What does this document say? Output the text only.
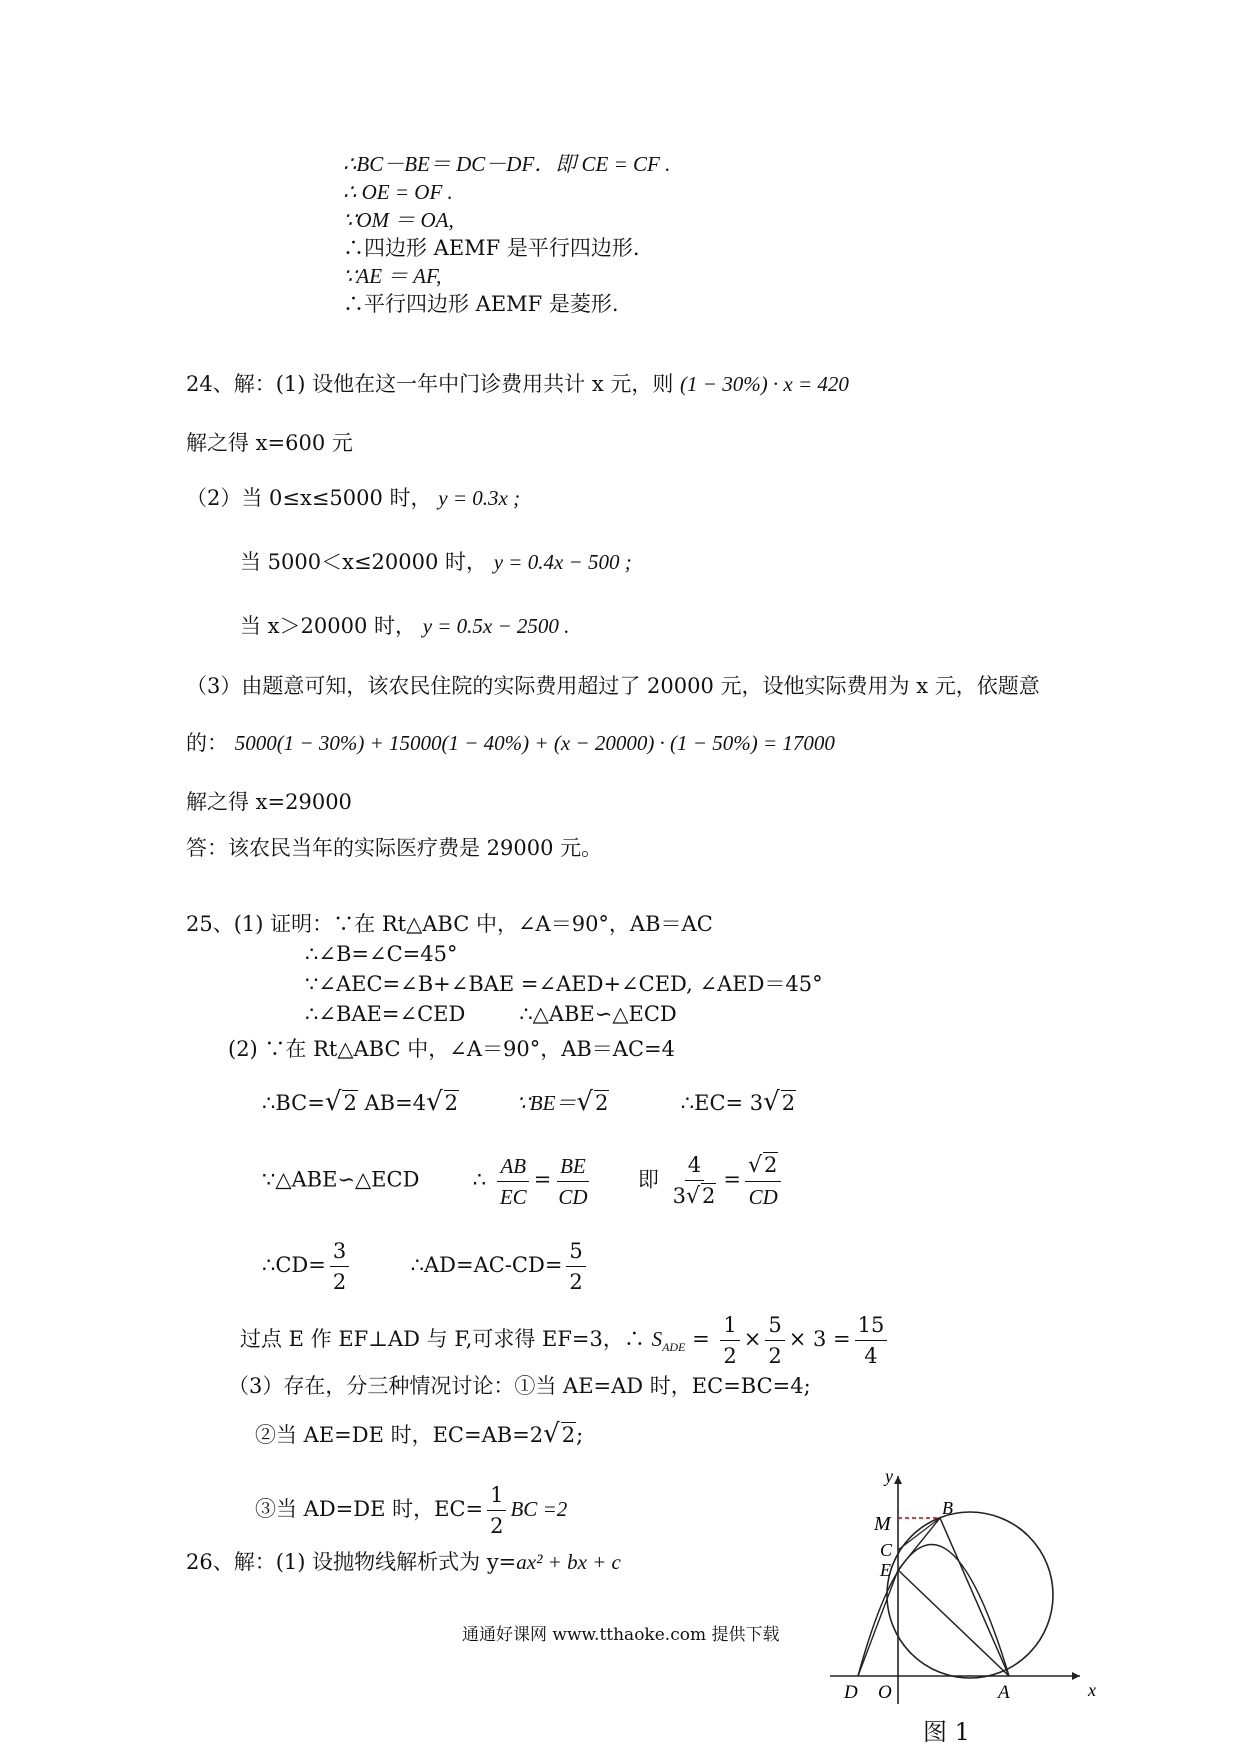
∴BC－BE＝ DC－DF．即 CE = CF .
∴ OE = OF .
∵OM ＝ OA,
∴四边形 AEMF 是平行四边形.
∵AE ＝ AF,
∴平行四边形 AEMF 是菱形.
24、解：(1) 设他在这一年中门诊费用共计 x 元，则 (1 − 30%) · x = 420
解之得 x=600 元
（2）当 0≤x≤5000 时， y = 0.3x ;
当 5000＜x≤20000 时， y = 0.4x − 500 ;
当 x＞20000 时， y = 0.5x − 2500 .
（3）由题意可知，该农民住院的实际费用超过了 20000 元，设他实际费用为 x 元，依题意
的： 5000(1 − 30%) + 15000(1 − 40%) + (x − 20000) · (1 − 50%) = 17000
解之得 x=29000
答：该农民当年的实际医疗费是 29000 元。
25、(1) 证明：∵在 Rt△ABC 中，∠A＝90°，AB＝AC
∴∠B=∠C=45°
∵∠AEC=∠B+∠BAE =∠AED+∠CED, ∠AED＝45°
∴∠BAE=∠CED	∴△ABE∽△ECD
(2) ∵在 Rt△ABC 中，∠A＝90°，AB＝AC=4
∴BC=√2 AB=4√2	∵BE＝√2	∴EC= 3√2
∵△ABE∽△ECD	∴ $\frac{AB}{EC} = \frac{BE}{CD}$ 即 $\frac{4}{3√2} = \frac{√2}{CD}$
∴CD= $\frac{3}{2}$	∴AD=AC-CD= $\frac{5}{2}$
过点 E 作 EF⊥AD 与 F,可求得 EF=3，∴ $S_{ADE} = \frac{1}{2} \times \frac{5}{2} \times 3 = \frac{15}{4}$
（3）存在，分三种情况讨论：①当 AE=AD 时，EC=BC=4;
②当 AE=DE 时，EC=AB=2√2;
③当 AD=DE 时，$EC= \frac{1}{2}$ BC =2
26、解：(1) 设抛物线解析式为 y=ax² + bx + c
通通好课网 www.tthaoke.com 提供下载
y
x
M
B
C
E
D O	A
图 1
